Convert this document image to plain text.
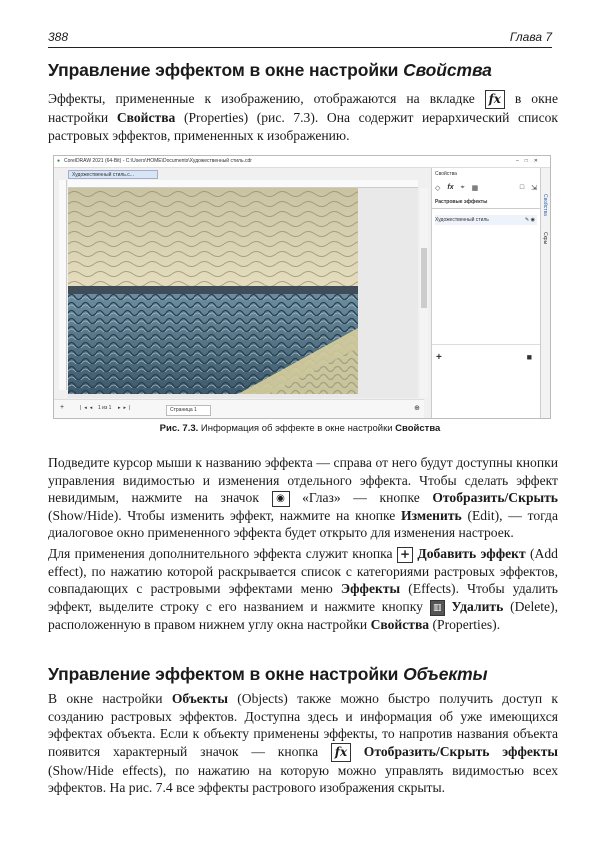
388	Глава 7
Управление эффектом в окне настройки Свойства

Эффекты, примененные к изображению, отображаются на вкладке fx в окне настройки Свойства (Properties) (рис. 7.3). Она содержит иерархический список растровых эффектов, примененных к изображению.

● CorelDRAW 2021 (64-Bit) - C:\Users\HOME\Documents\Художественный стиль.cdr	–□✕
Художественный стиль.c...
+	|◂◂ 1 из 1 ▸▸|	Страница 1	⊕
Свойства
◇ fx ⌖ ▦	□ ⇲
Растровые эффекты
Художественный стиль	✎ ◉
+	■
Свойства
Скры
Рис. 7.3. Информация об эффекте в окне настройки Свойства

Подведите курсор мыши к названию эффекта — справа от него будут доступны кнопки управления видимостью и изменения отдельного эффекта. Чтобы сделать эффект невидимым, нажмите на значок ◉ «Глаз» — кнопке Отобразить/Скрыть (Show/Hide). Чтобы изменить эффект, нажмите на кнопке Изменить (Edit), — тогда диалоговое окно примененного эффекта будет открыто для изменения настроек.

Для применения дополнительного эффекта служит кнопка + Добавить эффект (Add effect), по нажатию которой раскрывается список с категориями растровых эффектов, совпадающих с растровыми эффектами меню Эффекты (Effects). Чтобы удалить эффект, выделите строку с его названием и нажмите кнопку ▥ Удалить (Delete), расположенную в правом нижнем углу окна настройки Свойства (Properties).

Управление эффектом в окне настройки Объекты

В окне настройки Объекты (Objects) также можно быстро получить доступ к созданию растровых эффектов. Доступна здесь и информация об уже имеющихся эффектах объекта. Если к объекту применены эффекты, то напротив названия объекта появится характерный значок — кнопка fx Отобразить/Скрыть эффекты (Show/Hide effects), по нажатию на которую можно управлять видимостью всех эффектов. На рис. 7.4 все эффекты растрового изображения скрыты.
